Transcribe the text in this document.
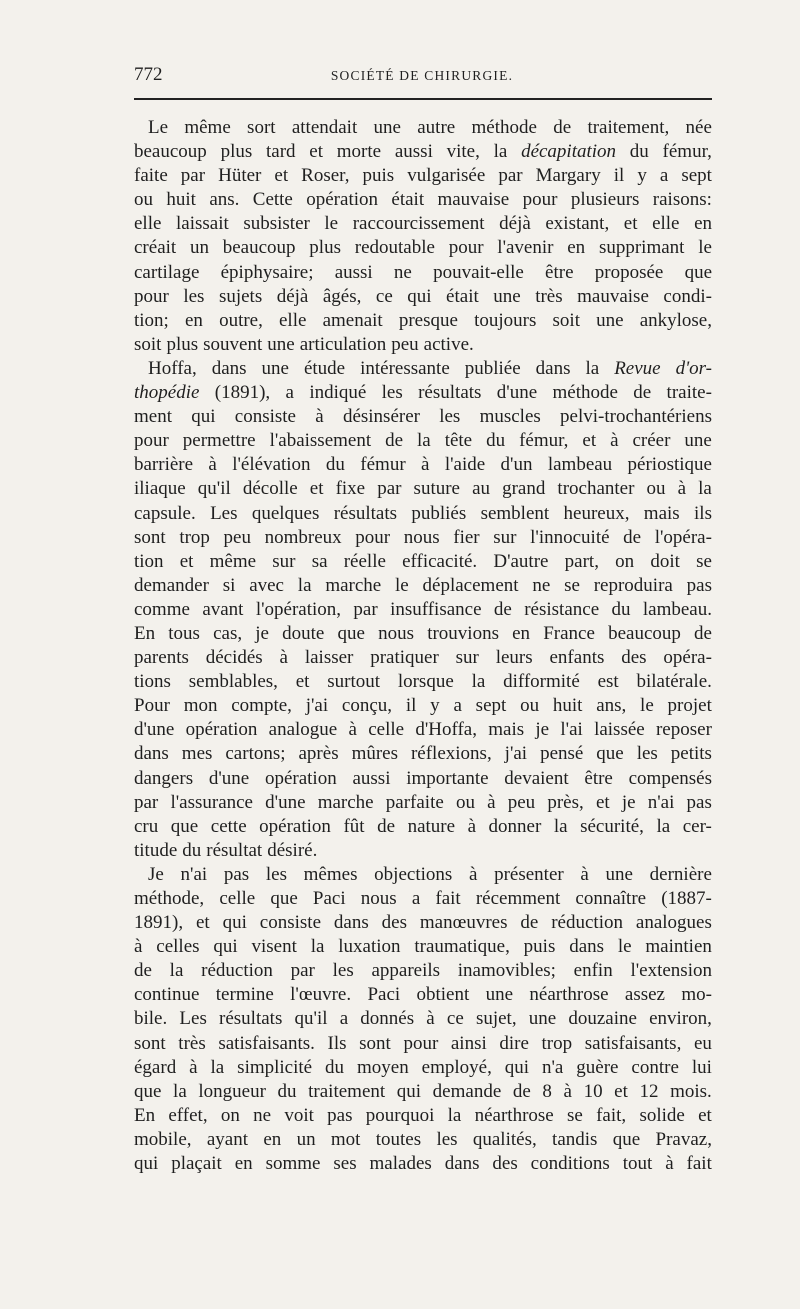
772	SOCIÉTÉ DE CHIRURGIE.
Le même sort attendait une autre méthode de traitement, née
beaucoup plus tard et morte aussi vite, la décapitation du fémur,
faite par Hüter et Roser, puis vulgarisée par Margary il y a sept
ou huit ans. Cette opération était mauvaise pour plusieurs raisons:
elle laissait subsister le raccourcissement déjà existant, et elle en
créait un beaucoup plus redoutable pour l'avenir en supprimant le
cartilage épiphysaire; aussi ne pouvait-elle être proposée que
pour les sujets déjà âgés, ce qui était une très mauvaise condi-
tion; en outre, elle amenait presque toujours soit une ankylose,
soit plus souvent une articulation peu active.
Hoffa, dans une étude intéressante publiée dans la Revue d'or-
thopédie (1891), a indiqué les résultats d'une méthode de traite-
ment qui consiste à désinsérer les muscles pelvi-trochantériens
pour permettre l'abaissement de la tête du fémur, et à créer une
barrière à l'élévation du fémur à l'aide d'un lambeau périostique
iliaque qu'il décolle et fixe par suture au grand trochanter ou à la
capsule. Les quelques résultats publiés semblent heureux, mais ils
sont trop peu nombreux pour nous fier sur l'innocuité de l'opéra-
tion et même sur sa réelle efficacité. D'autre part, on doit se
demander si avec la marche le déplacement ne se reproduira pas
comme avant l'opération, par insuffisance de résistance du lambeau.
En tous cas, je doute que nous trouvions en France beaucoup de
parents décidés à laisser pratiquer sur leurs enfants des opéra-
tions semblables, et surtout lorsque la difformité est bilatérale.
Pour mon compte, j'ai conçu, il y a sept ou huit ans, le projet
d'une opération analogue à celle d'Hoffa, mais je l'ai laissée reposer
dans mes cartons; après mûres réflexions, j'ai pensé que les petits
dangers d'une opération aussi importante devaient être compensés
par l'assurance d'une marche parfaite ou à peu près, et je n'ai pas
cru que cette opération fût de nature à donner la sécurité, la cer-
titude du résultat désiré.
Je n'ai pas les mêmes objections à présenter à une dernière
méthode, celle que Paci nous a fait récemment connaître (1887-
1891), et qui consiste dans des manœuvres de réduction analogues
à celles qui visent la luxation traumatique, puis dans le maintien
de la réduction par les appareils inamovibles; enfin l'extension
continue termine l'œuvre. Paci obtient une néarthrose assez mo-
bile. Les résultats qu'il a donnés à ce sujet, une douzaine environ,
sont très satisfaisants. Ils sont pour ainsi dire trop satisfaisants, eu
égard à la simplicité du moyen employé, qui n'a guère contre lui
que la longueur du traitement qui demande de 8 à 10 et 12 mois.
En effet, on ne voit pas pourquoi la néarthrose se fait, solide et
mobile, ayant en un mot toutes les qualités, tandis que Pravaz,
qui plaçait en somme ses malades dans des conditions tout à fait
